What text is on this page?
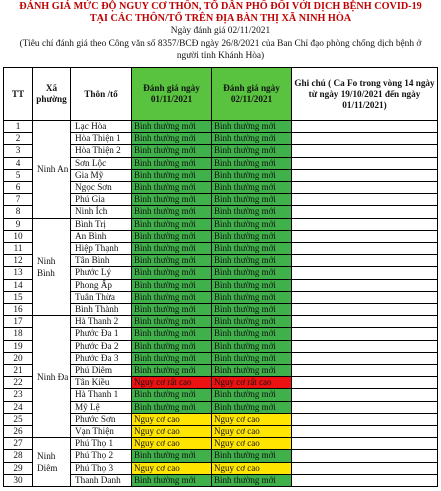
ĐÁNH GIÁ MỨC ĐỘ NGUY CƠ THÔN, TỔ DÂN PHỐ ĐỐI VỚI DỊCH BỆNH COVID-19
TẠI CÁC THÔN/TỔ TRÊN ĐỊA BÀN THỊ XÃ NINH HÒA
Ngày đánh giá 02/11/2021
(Tiêu chí đánh giá theo Công văn số 8357/BCĐ ngày 26/8/2021 của Ban Chỉ đạo phòng chống dịch bệnh ở
người tỉnh Khánh Hòa)
TT	Xã phường	Thôn /tổ	Đánh giá ngày 01/11/2021	Đánh giá ngày 02/11/2021	Ghi chú ( Ca Fo trong vòng 14 ngày từ ngày 19/10/2021 đến ngày 01/11/2021)
1	Ninh An	Lạc Hòa	Bình thường mới	Bình thường mới	
2		Hòa Thiện 1	Bình thường mới	Bình thường mới	
3		Hòa Thiện 2	Bình thường mới	Bình thường mới	
4		Sơn Lộc	Bình thường mới	Bình thường mới	
5		Gia Mỹ	Bình thường mới	Bình thường mới	
6		Ngọc Sơn	Bình thường mới	Bình thường mới	
7		Phú Gia	Bình thường mới	Bình thường mới	
8		Ninh Ích	Bình thường mới	Bình thường mới	
9	Ninh Bình	Bình Trị	Bình thường mới	Bình thường mới	
10		An Bình	Bình thường mới	Bình thường mới	
11		Hiệp Thạnh	Bình thường mới	Bình thường mới	
12		Tân Bình	Bình thường mới	Bình thường mới	
13		Phước Lý	Bình thường mới	Bình thường mới	
14		Phong Ấp	Bình thường mới	Bình thường mới	
15		Tuân Thừa	Bình thường mới	Bình thường mới	
16		Bình Thành	Bình thường mới	Bình thường mới	
17	Ninh Đa	Hà Thanh 2	Bình thường mới	Bình thường mới	
18		Phước Đa 1	Bình thường mới	Bình thường mới	
19		Phước Đa 2	Bình thường mới	Bình thường mới	
20		Phước Đa 3	Bình thường mới	Bình thường mới	
21		Phú Diêm	Bình thường mới	Bình thường mới	
22		Tân Kiều	Nguy cơ rất cao	Nguy cơ rất cao	
23		Hà Thanh 1	Bình thường mới	Bình thường mới	
24		Mỹ Lệ	Bình thường mới	Bình thường mới	
25		Phước Sơn	Nguy cơ cao	Nguy cơ cao	
26		Vạn Thiện	Nguy cơ cao	Nguy cơ cao	
27	Ninh Diêm	Phú Thọ 1	Nguy cơ cao	Nguy cơ cao	
28		Phú Thọ 2	Bình thường mới	Bình thường mới	
29		Phú Thọ 3	Nguy cơ cao	Nguy cơ cao	
30		Thanh Danh	Bình thường mới	Bình thường mới	
